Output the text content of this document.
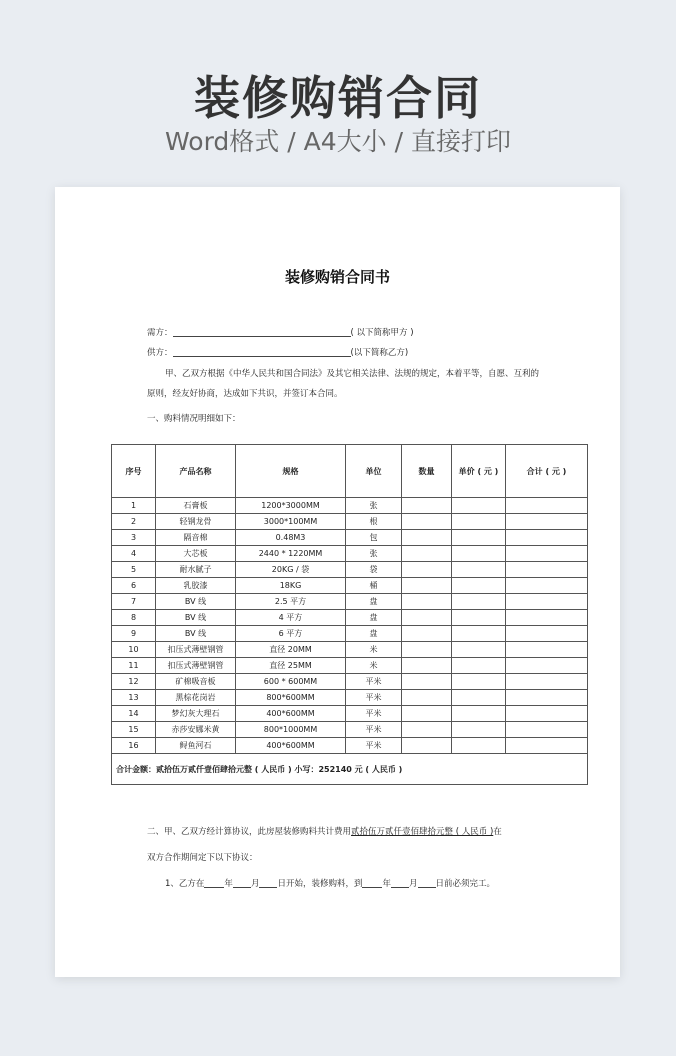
装修购销合同
Word格式 / A4大小 / 直接打印
装修购销合同书
需方：	( 以下简称甲方 )
供方：	(以下简称乙方)
甲、乙双方根据《中华人民共和国合同法》及其它相关法律、法规的规定，本着平等，自愿、互利的
原则，经友好协商，达成如下共识，并签订本合同。
一、购料情况明细如下：
序号	产品名称	规格	单位	数量	单价 ( 元 )	合计 ( 元 )
1	石膏板	1200*3000MM	张			
2	轻钢龙骨	3000*100MM	根			
3	隔音棉	0.48M3	包			
4	大芯板	2440 * 1220MM	张			
5	耐水腻子	20KG / 袋	袋			
6	乳胶漆	18KG	桶			
7	BV 线	2.5 平方	盘			
8	BV 线	4 平方	盘			
9	BV 线	6 平方	盘			
10	扣压式薄壁钢管	直径 20MM	米			
11	扣压式薄壁钢管	直径 25MM	米			
12	矿棉吸音板	600 * 600MM	平米			
13	黑棕花岗岩	800*600MM	平米			
14	梦幻灰大理石	400*600MM	平米			
15	赤莎安娜米黄	800*1000MM	平米			
16	鲟鱼河石	400*600MM	平米			
合计金额：贰拾伍万贰仟壹佰肆拾元整 ( 人民币 ) 小写：252140 元 ( 人民币 )						
二、甲、乙双方经计算协议，此房屋装修购料共计费用贰拾伍万贰仟壹佰肆拾元整 ( 人民币 )在
双方合作期间定下以下协议：
1、乙方在 年 月 日开始，装修购料，到 年 月 日前必须完工。
